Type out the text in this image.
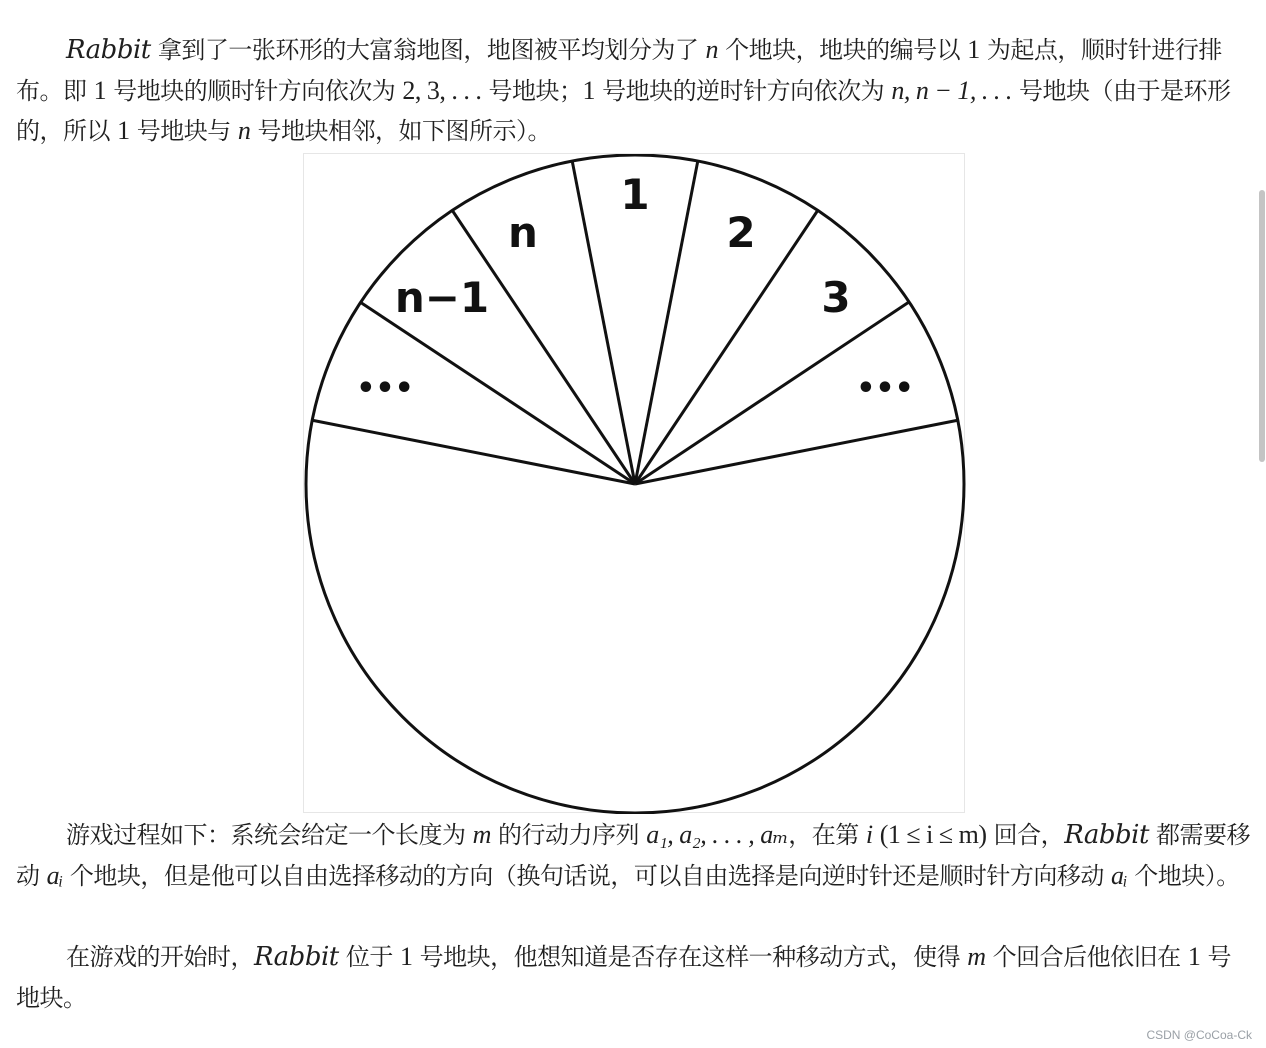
Rabbit 拿到了一张环形的大富翁地图，地图被平均划分为了 n 个地块，地块的编号以 1 为起点，顺时针进行排布。即 1 号地块的顺时针方向依次为 2, 3, . . . 号地块；1 号地块的逆时针方向依次为 n, n − 1, . . . 号地块（由于是环形的，所以 1 号地块与 n 号地块相邻，如下图所示）。

1
n	2
n−1	3
•••	•••

游戏过程如下：系统会给定一个长度为 m 的行动力序列 a₁, a₂, . . . , aₘ，在第 i (1 ≤ i ≤ m) 回合，Rabbit 都需要移动 aᵢ 个地块，但是他可以自由选择移动的方向（换句话说，可以自由选择是向逆时针还是顺时针方向移动 aᵢ 个地块）。

在游戏的开始时，Rabbit 位于 1 号地块，他想知道是否存在这样一种移动方式，使得 m 个回合后他依旧在 1 号地块。

CSDN @CoCoa-Ck
